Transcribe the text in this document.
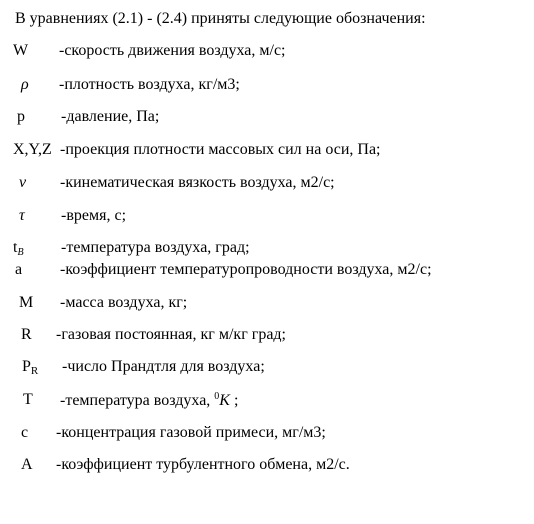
В уравнениях (2.1) - (2.4) приняты следующие обозначения:
W -скорость движения воздуха, м/с;
ρ -плотность воздуха, кг/м3;
p -давление, Па;
X,Y,Z -проекция плотности массовых сил на оси, Па;
ν -кинематическая вязкость воздуха, м2/с;
τ -время, с;
$t_B$ -температура воздуха, град;
a -коэффициент температуропроводности воздуха, м2/с;
M -масса воздуха, кг;
R -газовая постоянная, кг м/кг град;
PR -число Прандтля для воздуха;
T -температура воздуха, $^0$K ;
c -концентрация газовой примеси, мг/м3;
A -коэффициент турбулентного обмена, м2/с.
